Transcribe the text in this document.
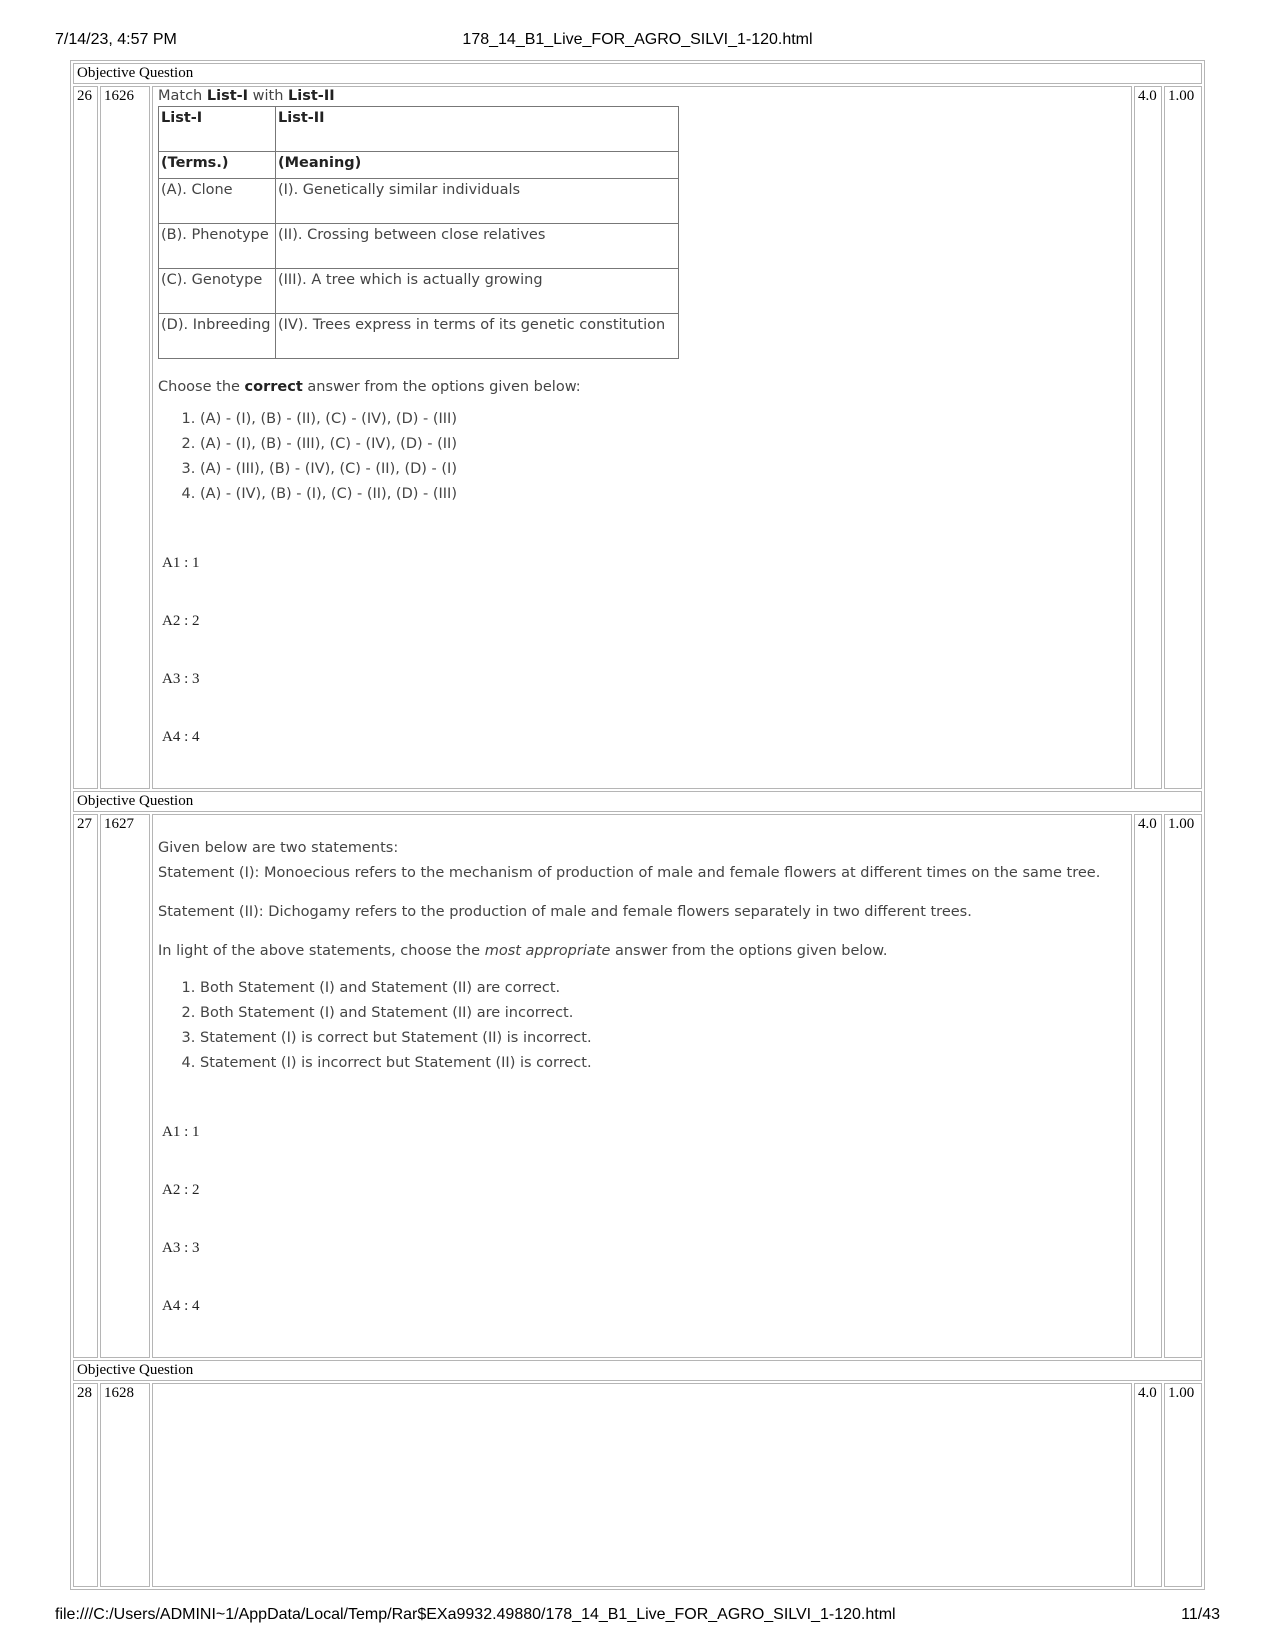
7/14/23, 4:57 PM	178_14_B1_Live_FOR_AGRO_SILVI_1-120.html
Objective Question
26	1626	Match List-I with List-II

List-I	List-II
(Terms.)	(Meaning)
(A). Clone	(I). Genetically similar individuals
(B). Phenotype	(II). Crossing between close relatives
(C). Genotype	(III). A tree which is actually growing
(D). Inbreeding	(IV). Trees express in terms of its genetic constitution

Choose the correct answer from the options given below:

1. (A) - (I), (B) - (II), (C) - (IV), (D) - (III)
2. (A) - (I), (B) - (III), (C) - (IV), (D) - (II)
3. (A) - (III), (B) - (IV), (C) - (II), (D) - (I)
4. (A) - (IV), (B) - (I), (C) - (II), (D) - (III)
A1 : 1
A2 : 2
A3 : 3
A4 : 4
	4.0	1.00
Objective Question
27	1627	

Given below are two statements:

Statement (I): Monoecious refers to the mechanism of production of male and female flowers at different times on the same tree.

Statement (II): Dichogamy refers to the production of male and female flowers separately in two different trees.

In light of the above statements, choose the most appropriate answer from the options given below.

1. Both Statement (I) and Statement (II) are correct.
2. Both Statement (I) and Statement (II) are incorrect.
3. Statement (I) is correct but Statement (II) is incorrect.
4. Statement (I) is incorrect but Statement (II) is correct.
A1 : 1
A2 : 2
A3 : 3
A4 : 4
	4.0	1.00
Objective Question
28	1628		4.0	1.00
file:///C:/Users/ADMINI~1/AppData/Local/Temp/Rar$EXa9932.49880/178_14_B1_Live_FOR_AGRO_SILVI_1-120.html	11/43
